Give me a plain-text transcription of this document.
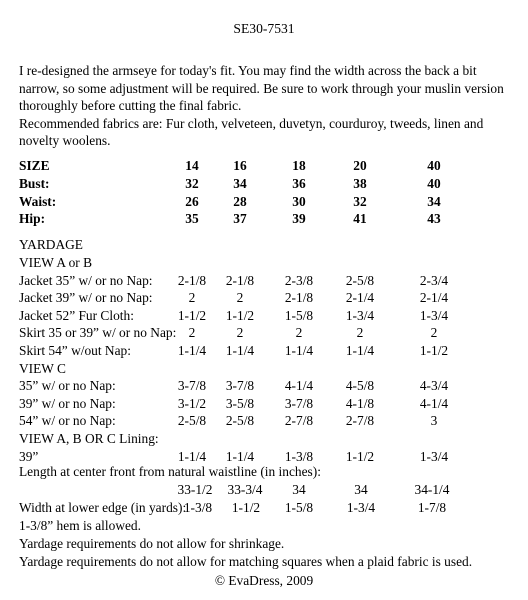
SE30-7531
I re-designed the armseye for today's fit. You may find the width across the back a bit
narrow, so some adjustment will be required. Be sure to work through your muslin version
thoroughly before cutting the final fabric.
Recommended fabrics are: Fur cloth, velveteen, duvetyn, courduroy, tweeds, linen and
novelty woolens.
SIZE	14	16	18	20	40
Bust:	32	34	36	38	40
Waist:	26	28	30	32	34
Hip:	35	37	39	41	43
YARDAGE
VIEW A or B
Jacket 35” w/ or no Nap:	2-1/8	2-1/8	2-3/8	2-5/8	2-3/4
Jacket 39” w/ or no Nap:	2	2	2-1/8	2-1/4	2-1/4
Jacket 52” Fur Cloth:	1-1/2	1-1/2	1-5/8	1-3/4	1-3/4
Skirt 35 or 39” w/ or no Nap: 2	2	2	2	2
Skirt 54” w/out Nap:	1-1/4	1-1/4	1-1/4	1-1/4	1-1/2
VIEW C
35” w/ or no Nap:	3-7/8	3-7/8	4-1/4	4-5/8	4-3/4
39” w/ or no Nap:	3-1/2	3-5/8	3-7/8	4-1/8	4-1/4
54” w/ or no Nap:	2-5/8	2-5/8	2-7/8	2-7/8	3
VIEW A, B OR C Lining:
39”	1-1/4	1-1/4	1-3/8	1-1/2	1-3/4
Length at center front from natural waistline (in inches):
33-1/2	33-3/4	34	34	34-1/4
Width at lower edge (in yards):
1-3/8	1-1/2	1-5/8	1-3/4	1-7/8
1-3/8” hem is allowed.
Yardage requirements do not allow for shrinkage.
Yardage requirements do not allow for matching squares when a plaid fabric is used.
© EvaDress, 2009
